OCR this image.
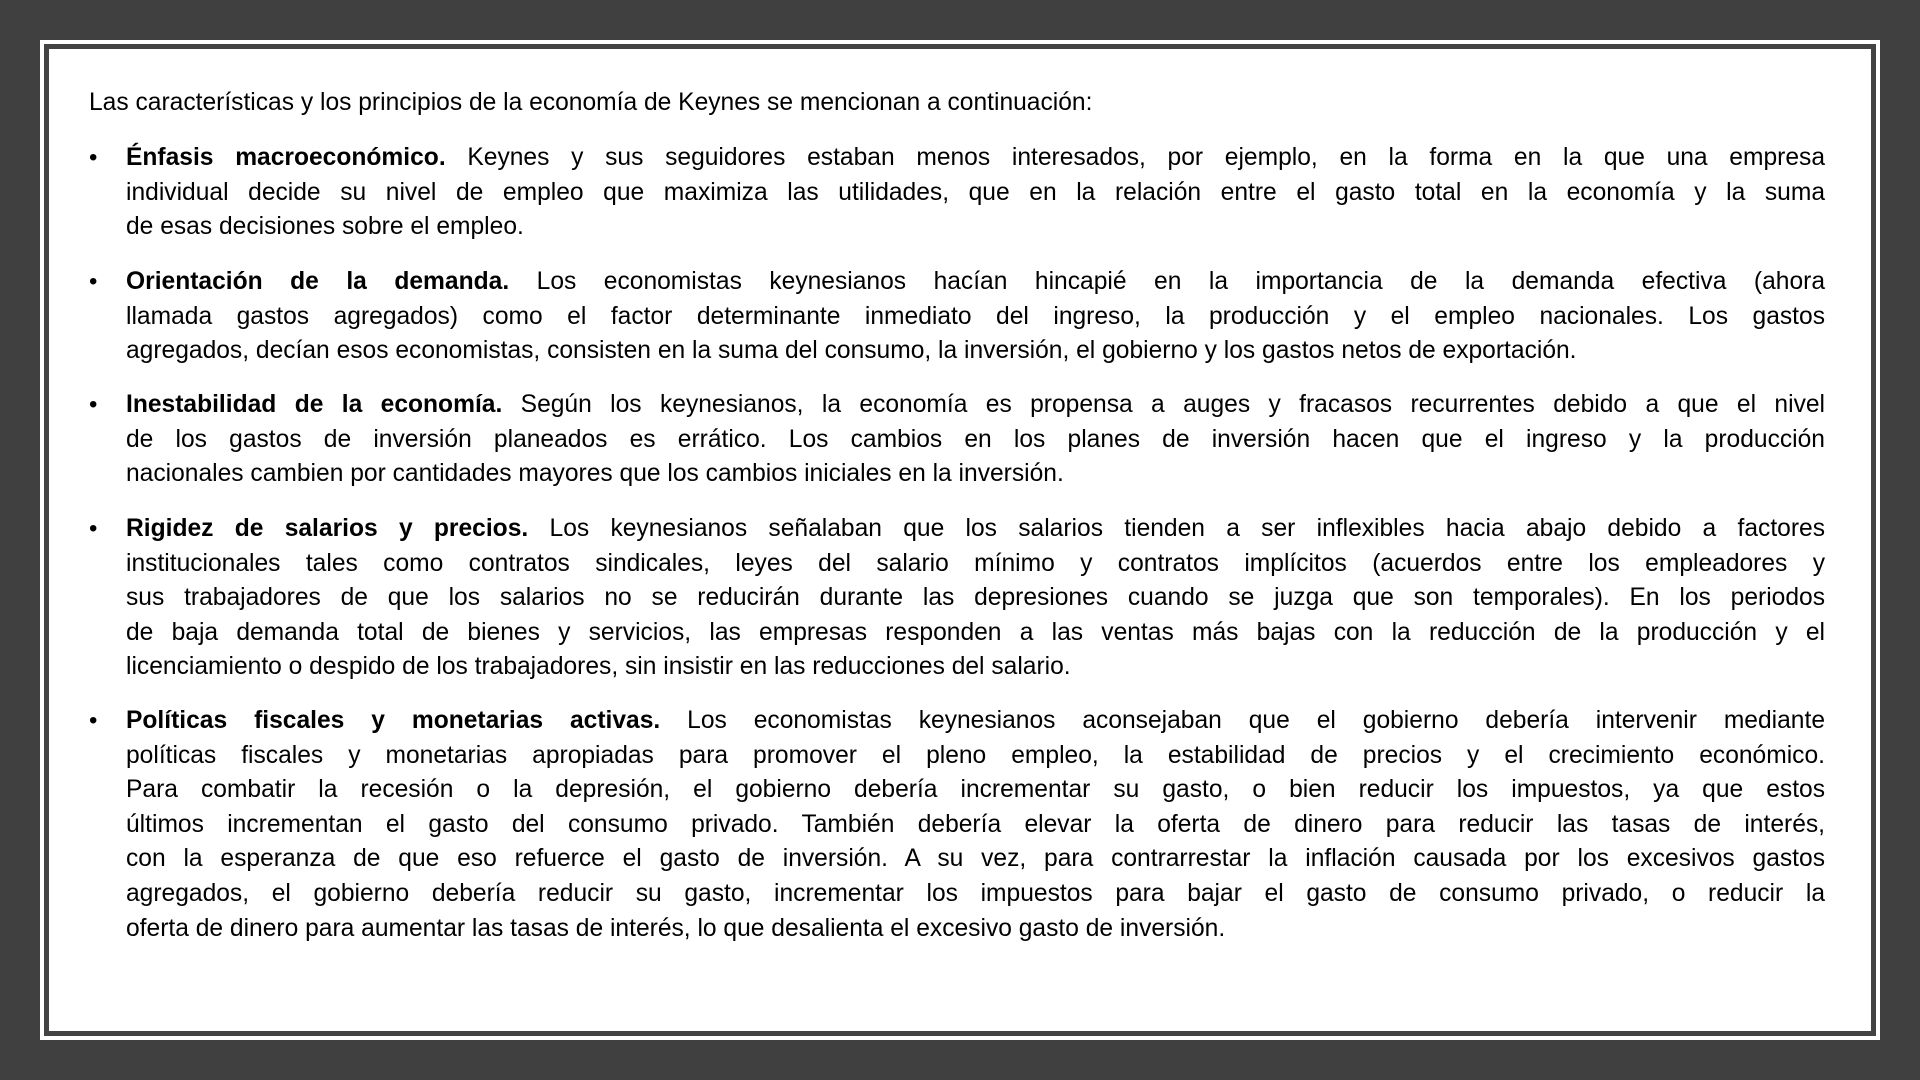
Las características y los principios de la economía de Keynes se mencionan a continuación:
•	Énfasis macroeconómico. Keynes y sus seguidores estaban menos interesados, por ejemplo, en la forma en la que una empresa
individual decide su nivel de empleo que maximiza las utilidades, que en la relación entre el gasto total en la economía y la suma
de esas decisiones sobre el empleo.
•	Orientación de la demanda. Los economistas keynesianos hacían hincapié en la importancia de la demanda efectiva (ahora
llamada gastos agregados) como el factor determinante inmediato del ingreso, la producción y el empleo nacionales. Los gastos
agregados, decían esos economistas, consisten en la suma del consumo, la inversión, el gobierno y los gastos netos de exportación.
•	Inestabilidad de la economía. Según los keynesianos, la economía es propensa a auges y fracasos recurrentes debido a que el nivel
de los gastos de inversión planeados es errático. Los cambios en los planes de inversión hacen que el ingreso y la producción
nacionales cambien por cantidades mayores que los cambios iniciales en la inversión.
•	Rigidez de salarios y precios. Los keynesianos señalaban que los salarios tienden a ser inflexibles hacia abajo debido a factores
institucionales tales como contratos sindicales, leyes del salario mínimo y contratos implícitos (acuerdos entre los empleadores y
sus trabajadores de que los salarios no se reducirán durante las depresiones cuando se juzga que son temporales). En los periodos
de baja demanda total de bienes y servicios, las empresas responden a las ventas más bajas con la reducción de la producción y el
licenciamiento o despido de los trabajadores, sin insistir en las reducciones del salario.
•	Políticas fiscales y monetarias activas. Los economistas keynesianos aconsejaban que el gobierno debería intervenir mediante
políticas fiscales y monetarias apropiadas para promover el pleno empleo, la estabilidad de precios y el crecimiento económico.
Para combatir la recesión o la depresión, el gobierno debería incrementar su gasto, o bien reducir los impuestos, ya que estos
últimos incrementan el gasto del consumo privado. También debería elevar la oferta de dinero para reducir las tasas de interés,
con la esperanza de que eso refuerce el gasto de inversión. A su vez, para contrarrestar la inflación causada por los excesivos gastos
agregados, el gobierno debería reducir su gasto, incrementar los impuestos para bajar el gasto de consumo privado, o reducir la
oferta de dinero para aumentar las tasas de interés, lo que desalienta el excesivo gasto de inversión.
